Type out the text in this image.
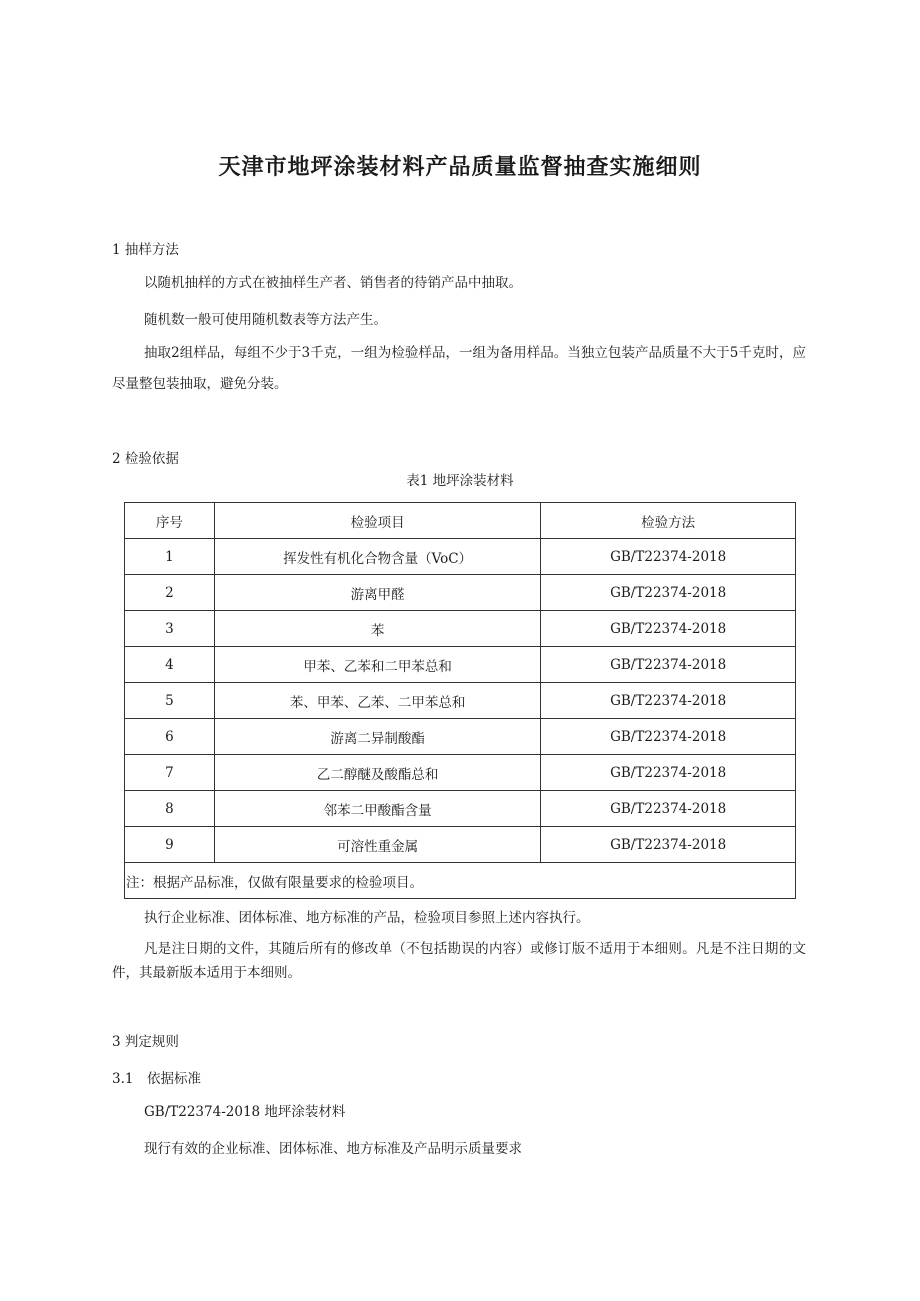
天津市地坪涂装材料产品质量监督抽查实施细则

1 抽样方法

以随机抽样的方式在被抽样生产者、销售者的待销产品中抽取。

随机数一般可使用随机数表等方法产生。

抽取2组样品，每组不少于3千克，一组为检验样品，一组为备用样品。当独立包装产品质量不大于5千克时，应尽量整包装抽取，避免分装。

2 检验依据

表1 地坪涂装材料

序号	检验项目	检验方法
1	挥发性有机化合物含量（VoC）	GB/T22374-2018
2	游离甲醛	GB/T22374-2018
3	苯	GB/T22374-2018
4	甲苯、乙苯和二甲苯总和	GB/T22374-2018
5	苯、甲苯、乙苯、二甲苯总和	GB/T22374-2018
6	游离二异制酸酯	GB/T22374-2018
7	乙二醇醚及酸酯总和	GB/T22374-2018
8	邻苯二甲酸酯含量	GB/T22374-2018
9	可溶性重金属	GB/T22374-2018
注：根据产品标准，仅做有限量要求的检验项目。		

执行企业标准、团体标准、地方标准的产品，检验项目参照上述内容执行。

凡是注日期的文件，其随后所有的修改单（不包括勘误的内容）或修订版不适用于本细则。凡是不注日期的文件，其最新版本适用于本细则。

3 判定规则

3.1　依据标准

GB/T22374-2018 地坪涂装材料

现行有效的企业标准、团体标准、地方标准及产品明示质量要求
